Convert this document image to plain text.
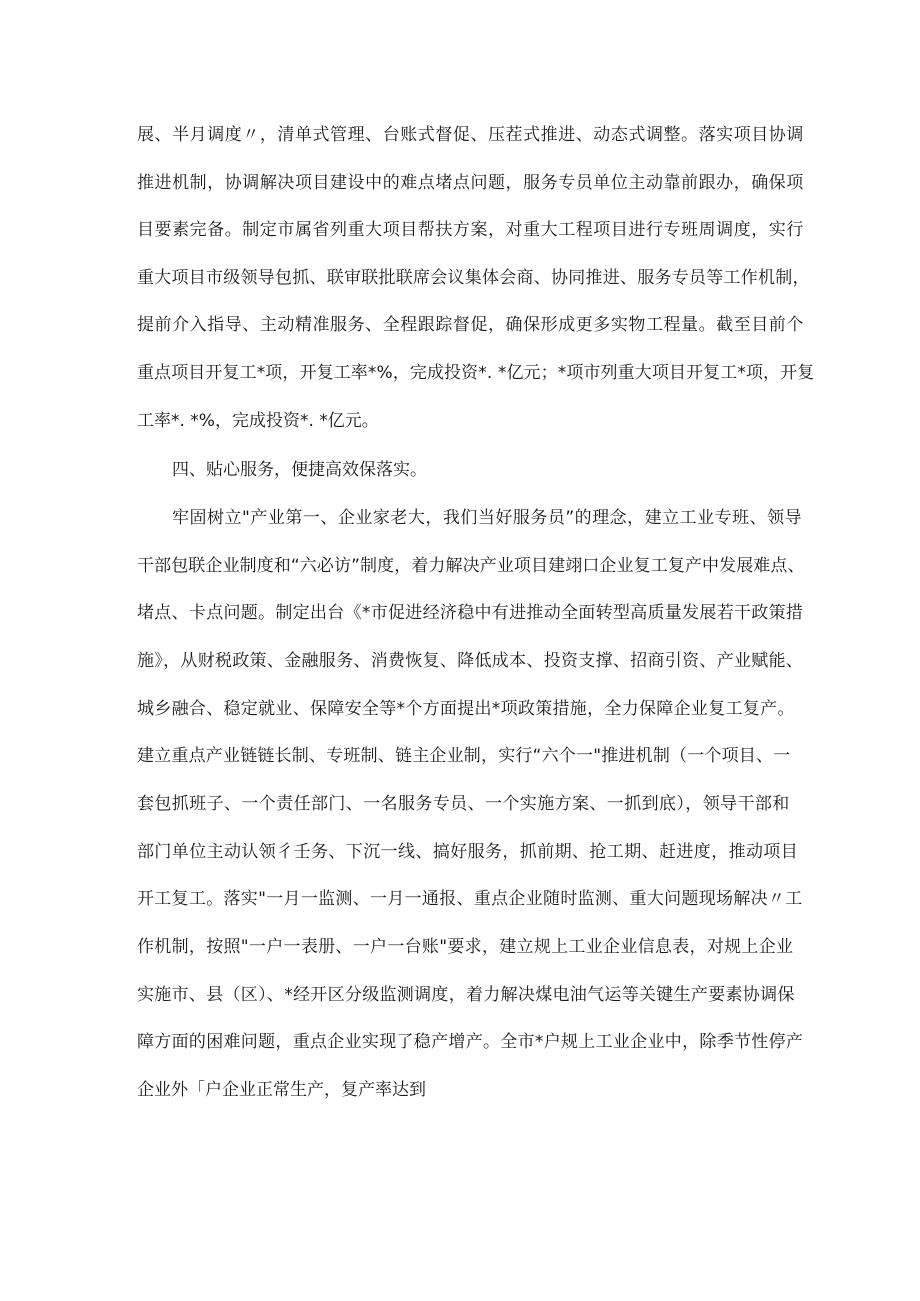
展、半月调度〃，清单式管理、台账式督促、压茬式推进、动态式调整。落实项目协调
推进机制，协调解决项目建设中的难点堵点问题，服务专员单位主动靠前跟办，确保项
目要素完备。制定市属省列重大项目帮扶方案，对重大工程项目进行专班周调度，实行
重大项目市级领导包抓、联审联批联席会议集体会商、协同推进、服务专员等工作机制，
提前介入指导、主动精准服务、全程跟踪督促，确保形成更多实物工程量。截至目前个
重点项目开复工*项，开复工率*%，完成投资*. *亿元；*项市列重大项目开复工*项，开复
工率*. *%，完成投资*. *亿元。
四、贴心服务，便捷高效保落实。
牢固树立"产业第一、企业家老大，我们当好服务员”的理念，建立工业专班、领导
干部包联企业制度和“六必访”制度，着力解决产业项目建翊口企业复工复产中发展难点、
堵点、卡点问题。制定出台《*市促进经济稳中有进推动全面转型高质量发展若干政策措
施》，从财税政策、金融服务、消费恢复、降低成本、投资支撑、招商引资、产业赋能、
城乡融合、稳定就业、保障安全等*个方面提出*项政策措施，全力保障企业复工复产。
建立重点产业链链长制、专班制、链主企业制，实行“六个一"推进机制（一个项目、一
套包抓班子、一个责任部门、一名服务专员、一个实施方案、一抓到底），领导干部和
部门单位主动认领彳壬务、下沉一线、搞好服务，抓前期、抢工期、赶进度，推动项目
开工复工。落实"一月一监测、一月一通报、重点企业随时监测、重大问题现场解决〃工
作机制，按照"一户一表册、一户一台账"要求，建立规上工业企业信息表，对规上企业
实施市、县（区）、*经开区分级监测调度，着力解决煤电油气运等关键生产要素协调保
障方面的困难问题，重点企业实现了稳产增产。全市*户规上工业企业中，除季节性停产
企业外「户企业正常生产，复产率达到
